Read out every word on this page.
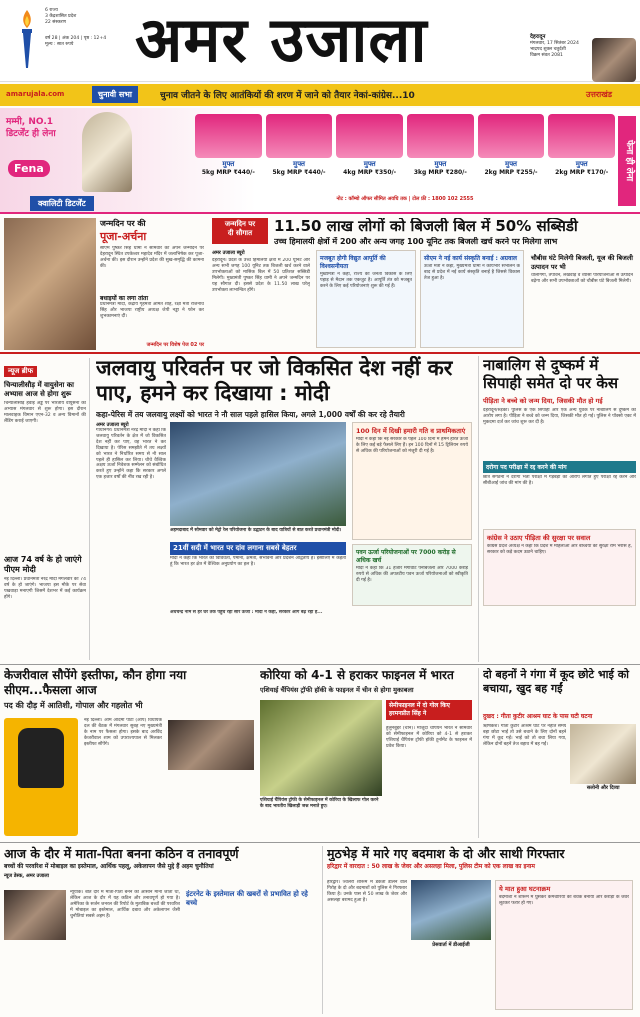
6 राज्य
3 केंद्रशासित प्रदेश
22 संस्करण
वर्ष 28 | अंक 204 | पृष्ठ : 12+4
मूल्य : सात रुपये अमर उजाला	देहरादून
मंगलवार, 17 सितंबर 2024
भाद्रपद शुक्ल चतुर्दशी
विक्रम संवत 2081
amarujala.com	चुनावी सभा	चुनाव जीतने के लिए आतंकियों की शरण में जाने को तैयार नेकां-कांग्रेस...10	उत्तराखंड
मम्मी, NO.1 डिटर्जेंट ही लेना
Fena
क्वालिटी डिटर्जेंट
मुफ्त
5kg MRP ₹440/-
मुफ्त
5kg MRP ₹440/-
मुफ्त
4kg MRP ₹350/-
मुफ्त
3kg MRP ₹280/-
मुफ्त
2kg MRP ₹255/-
मुफ्त
2kg MRP ₹170/-
नोट : कॉम्बो ऑफर सीमित अवधि तक | टोल फ्री : 1800 102 2555
फेना ही लेना
जन्मदिन पर की
पूजा-अर्चना
सीएम पुष्कर सिंह धामी ने सोमवार को अपने जन्मदिन पर देहरादून स्थित टपकेश्वर महादेव मंदिर में जलाभिषेक कर पूजा-अर्चना की। इस दौरान उन्होंने प्रदेश की सुख-समृद्धि की कामना की।
बधाइयों का लगा तांता
प्रधानमंत्री मोदी, केंद्रीय गृहमंत्री अमित शाह, रक्षा मंत्री राजनाथ सिंह और भाजपा राष्ट्रीय अध्यक्ष जेपी नड्डा ने फोन कर शुभकामनाएं दीं।
जन्मदिन पर विशेष पेज 02 पर
जन्मदिन पर
दी सौगात	11.50 लाख लोगों को बिजली बिल में 50% सब्सिडी
उच्च हिमालयी क्षेत्रों में 200 और अन्य जगह 100 यूनिट तक बिजली खर्च करने पर मिलेगा लाभ
अमर उजाला ब्यूरो
देहरादून। प्रदेश के उच्च हिमालयी क्षेत्रों में 200 यूनिट और अन्य सभी जगह 100 यूनिट तक बिजली खर्च करने वाले उपभोक्ताओं को मासिक बिल में 50 प्रतिशत सब्सिडी मिलेगी। मुख्यमंत्री पुष्कर सिंह धामी ने अपने जन्मदिन पर यह सौगात दी। इससे प्रदेश के 11.50 लाख घरेलू उपभोक्ता लाभान्वित होंगे।
मजबूत होगी विद्युत आपूर्ति की विश्वसनीयता
मुख्यमंत्री ने कहा, राज्य की जनता विकास के लिए पहाड़ से मैदान तक एकजुट है। आपूर्ति तंत्र को मजबूत करने के लिए कई परियोजनाएं शुरू की गई हैं।
सीएम ने नई कार्य संस्कृति बनाई : अग्रवाल
ऊर्जा मंत्री ने कहा, मुख्यमंत्री धामी ने कार्यभार संभालने के बाद से प्रदेश में नई कार्य संस्कृति बनाई है जिससे विकास तेज हुआ है।
चौबीस घंटे मिलेगी बिजली, यूज की बिजली उत्पादन पर भी
धौलीगंगा, तपोवन, लखवाड़ व व्यासी परियोजनाओं से उत्पादन बढ़ेगा और सभी उपभोक्ताओं को चौबीस घंटे बिजली मिलेगी।
न्यूज ब्रीफ
चिन्यालीसौड़ में वायुसेना का अभ्यास आज से होगा शुरू
चिन्यालीसौड़ हवाई अड्डे पर भारतीय वायुसेना का अभ्यास मंगलवार से शुरू होगा। इस दौरान मालवाहक विमान एएन-32 व अन्य विमानों की लैंडिंग कराई जाएगी।
आज 74 वर्ष के हो जाएंगे पीएम मोदी
नई दिल्ली। प्रधानमंत्री नरेंद्र मोदी मंगलवार को 74 वर्ष के हो जाएंगे। भाजपा इस मौके पर सेवा पखवाड़ा मनाएगी जिसमें देशभर में कई कार्यक्रम होंगे।
जलवायु परिवर्तन पर जो विकसित देश नहीं कर पाए, हमने कर दिखाया : मोदी
कहा-पेरिस में तय जलवायु लक्ष्यों को भारत ने नौ साल पहले हासिल किया, अगले 1,000 वर्षों की कर रहे तैयारी
अमर उजाला ब्यूरो
गांधीनगर। प्रधानमंत्री नरेंद्र मोदी ने कहा कि जलवायु परिवर्तन के क्षेत्र में जो विकसित देश नहीं कर पाए, वह भारत ने कर दिखाया है। पेरिस समझौते में तय लक्ष्यों को भारत ने निर्धारित समय से नौ साल पहले ही हासिल कर लिया। चौथे वैश्विक अक्षय ऊर्जा निवेशक सम्मेलन को संबोधित करते हुए उन्होंने कहा कि सरकार अगले एक हजार वर्षों की नींव रख रही है।
अहमदाबाद में सोमवार को मेट्रो रेल परियोजना के उद्घाटन के बाद यात्रियों से बात करते प्रधानमंत्री मोदी।
21वीं सदी में भारत पर दांव लगाना सबसे बेहतर
मोदी ने कहा कि भारत की विविधता, पैमाना, क्षमता, संभावना और प्रदर्शन अद्वितीय हैं। इसीलिए मैं कहता हूं कि भारत हर क्षेत्र में वैश्विक अनुप्रयोग का हल है।
100 दिन में दिखी हमारी गति व प्राथमिकताएं
मोदी ने कहा कि नई सरकार के पहले 100 दिनों में हमने हरित ऊर्जा के लिए कई बड़े फैसले लिए हैं। इन 100 दिनों में 15 ट्रिलियन रुपये से अधिक की परियोजनाओं को मंजूरी दी गई है।
पवन ऊर्जा परियोजनाओं पर 7000 करोड़ से अधिक खर्च
मोदी ने कहा कि 31 हजार मेगावाट पनबिजली और 7000 करोड़ रुपये से अधिक की अपतटीय पवन ऊर्जा परियोजनाओं को स्वीकृति दी गई है।
अर्धचन्द्र नाम से हर घर तक पहुंच रही सौर ऊर्जा : मोदी ने कहा, सरकार आगे बढ़ रही है...
नाबालिग से दुष्कर्म में सिपाही समेत दो पर केस
पीड़िता ने बच्चे को जन्म दिया, जिसकी मौत हो गई
देहरादून/रुड़की। पुलिस के एक सिपाही और एक अन्य युवक पर नाबालिग से दुष्कर्म का आरोप लगा है। पीड़िता ने बच्चे को जन्म दिया, जिसकी मौत हो गई। पुलिस ने पॉक्सो एक्ट में मुकदमा दर्ज कर जांच शुरू कर दी है।
दरोगा पद परीक्षा में रद्द करने की मांग
छात्र संगठनों ने दरोगा भर्ती परीक्षा में गड़बड़ी का आरोप लगाते हुए परीक्षा रद्द करने और सीबीआई जांच की मांग की है।
कांग्रेस ने उठाए पीड़िता की सुरक्षा पर सवाल
कांग्रेस प्रदेश अध्यक्ष ने कहा कि प्रदेश में महिलाओं और बच्चियों की सुरक्षा राम भरोसे है, सरकार को कड़े कदम उठाने चाहिए।
केजरीवाल सौपेंगे इस्तीफा, कौन होगा नया सीएम...फैसला आज
पद की दौड़ में आतिशी, गोपाल और गहलोत भी
नई दिल्ली। आम आदमी पार्टी (आप) विधायक दल की बैठक में मंगलवार सुबह नए मुख्यमंत्री के नाम पर फैसला होगा। इसके बाद अरविंद केजरीवाल शाम को उपराज्यपाल से मिलकर इस्तीफा सौंपेंगे।
कोरिया को 4-1 से हराकर फाइनल में भारत
एशियाई चैंपियंस ट्रॉफी हॉकी के फाइनल में चीन से होगा मुकाबला
सेमीफाइनल में दो गोल किए हरमनप्रीत सिंह ने
हुलुनबुइर (चीन)। मौजूदा चैंपियन भारत ने सोमवार को सेमीफाइनल में कोरिया को 4-1 से हराकर एशियाई चैंपियंस ट्रॉफी हॉकी टूर्नामेंट के फाइनल में प्रवेश किया।
एशियाई चैंपियंस ट्रॉफी के सेमीफाइनल में कोरिया के खिलाफ गोल करने के बाद भारतीय खिलाड़ी जश्न मनाते हुए।
दो बहनों ने गंगा में कूद छोटे भाई को बचाया, खुद बह गईं
दुखद : गीता कुटीर आश्रम घाट के पास घटी घटना
ऋषिकेश। गीता कुटीर आश्रम घाट पर नहाते समय बहा छोटा भाई तो उसे बचाने के लिए दोनों बहनें गंगा में कूद गईं। भाई को तो बचा लिया गया, लेकिन दोनों बहनें तेज बहाव में बह गईं।
सलोनी और दिव्या
आज के दौर में माता-पिता बनना कठिन व तनावपूर्ण
बच्चों की परवरिश में मोबाइल का इस्तेमाल, आर्थिक पहलू, अकेलापन जैसे मुद्दे हैं अहम चुनौतियां
न्यूज डेस्क, अमर उजाला
न्यूयॉर्क। बीते दौर में माता-पिता बनने को आसान माना जाता था, लेकिन आज के दौर में यह कठिन और तनावपूर्ण हो गया है। अमेरिका के सर्जन जनरल की रिपोर्ट के मुताबिक बच्चों की परवरिश में मोबाइल का इस्तेमाल, आर्थिक दबाव और अकेलापन जैसी चुनौतियां सबसे अहम हैं।
इंटरनेट के इस्तेमाल की खबरों से प्रभावित हो रहे बच्चे
मुठभेड़ में मारे गए बदमाश के दो और साथी गिरफ्तार
हरिद्वार में वारदात : 50 लाख के जेवर और असलहा मिला, पुलिस टीम को एक लाख का इनाम
हरिद्वार। ज्वेलरी शोरूम में डकैती डालने वाले गिरोह के दो और बदमाशों को पुलिस ने गिरफ्तार किया है। उनके पास से 50 लाख के जेवर और असलहा बरामद हुआ है।
प्रेसवार्ता में डीआईजी
ये मात हुआ घटनाक्रम
बदमाशों ने शोरूम में घुसकर कर्मचारियों को बंधक बनाया और करोड़ों के जेवर लूटकर फरार हो गए।
